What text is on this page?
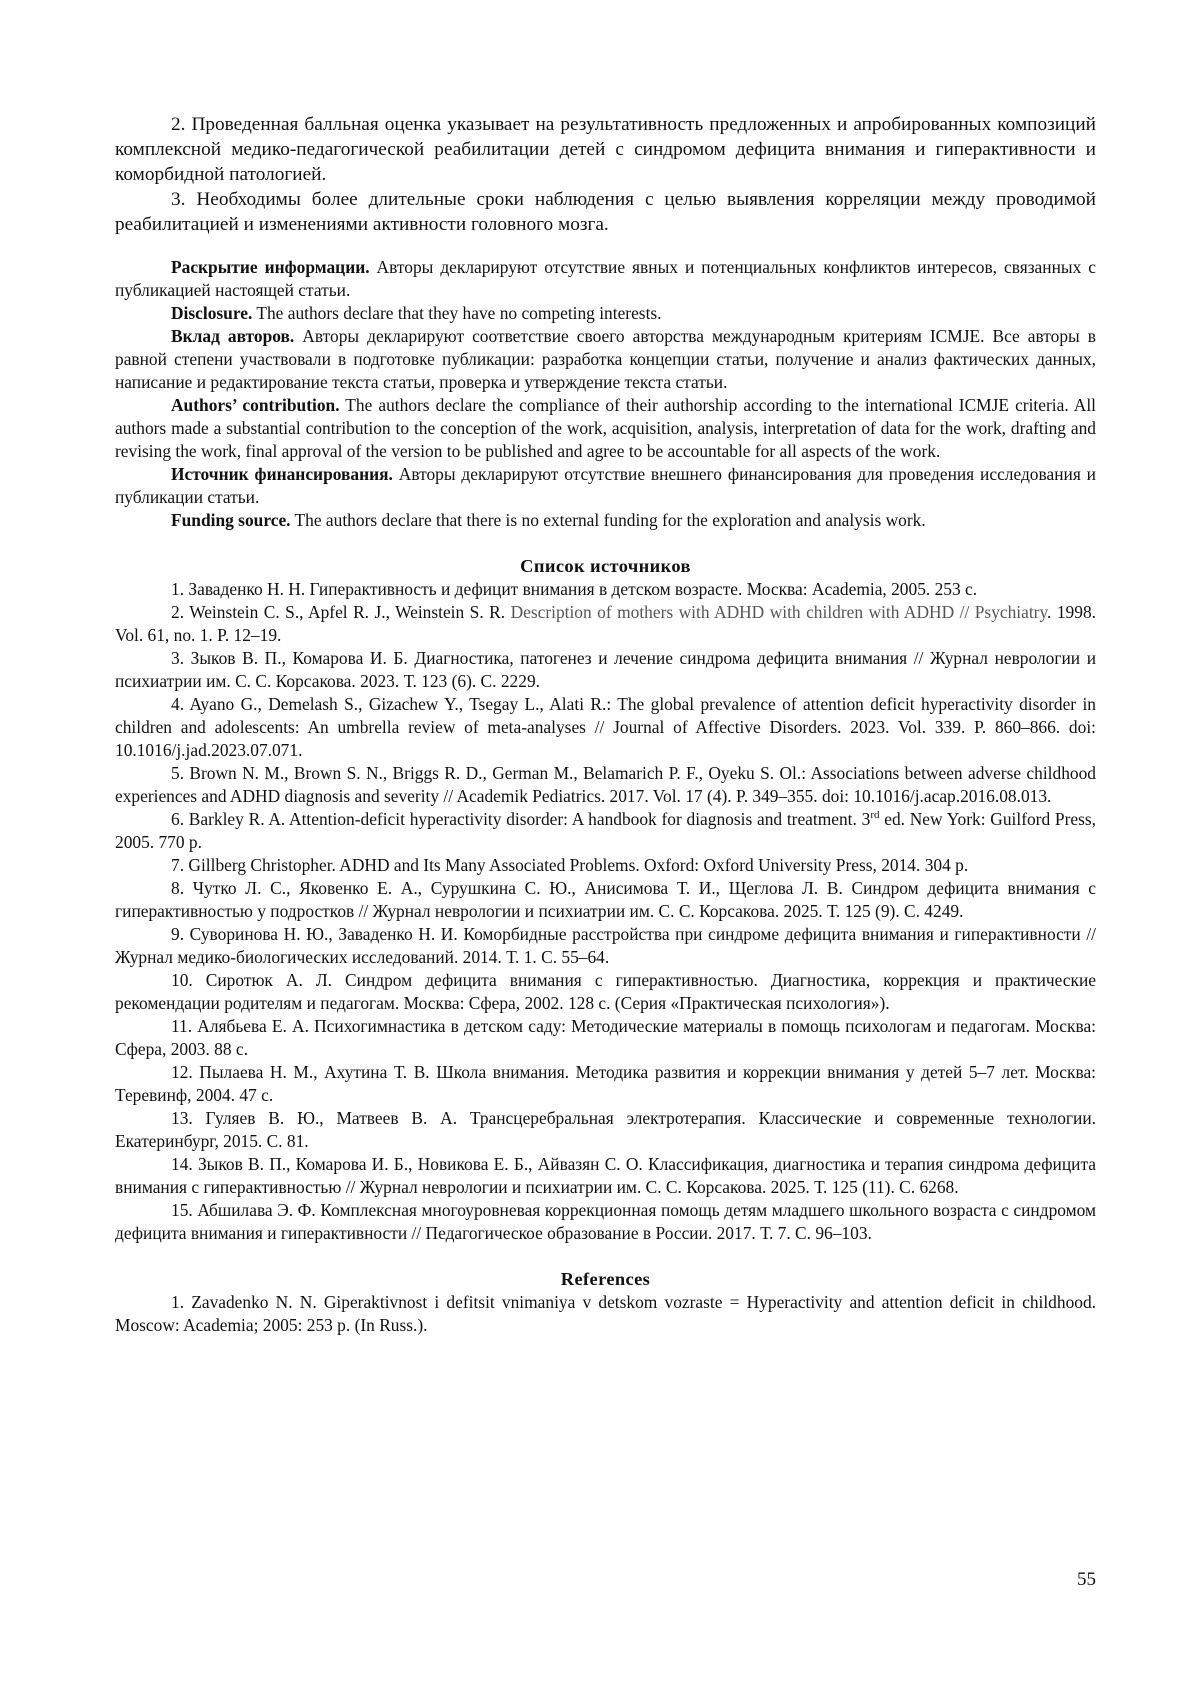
2. Проведенная балльная оценка указывает на результативность предложенных и апробированных композиций комплексной медико-педагогической реабилитации детей с синдромом дефицита внимания и гиперактивности и коморбидной патологией.

3. Необходимы более длительные сроки наблюдения с целью выявления корреляции между проводимой реабилитацией и изменениями активности головного мозга.

Раскрытие информации. Авторы декларируют отсутствие явных и потенциальных конфликтов интересов, связанных с публикацией настоящей статьи.

Disclosure. The authors declare that they have no competing interests.

Вклад авторов. Авторы декларируют соответствие своего авторства международным критериям ICMJE. Все авторы в равной степени участвовали в подготовке публикации: разработка концепции статьи, получение и анализ фактических данных, написание и редактирование текста статьи, проверка и утверждение текста статьи.

Authors’ contribution. The authors declare the compliance of their authorship according to the international ICMJE criteria. All authors made a substantial contribution to the conception of the work, acquisition, analysis, interpretation of data for the work, drafting and revising the work, final approval of the version to be published and agree to be accountable for all aspects of the work.

Источник финансирования. Авторы декларируют отсутствие внешнего финансирования для проведения исследования и публикации статьи.

Funding source. The authors declare that there is no external funding for the exploration and analysis work.

Список источников

1. Заваденко Н. Н. Гиперактивность и дефицит внимания в детском возрасте. Москва: Academia, 2005. 253 с.

2. Weinstein C. S., Apfel R. J., Weinstein S. R. Description of mothers with ADHD with children with ADHD // Psychiatry. 1998. Vol. 61, no. 1. P. 12–19.

3. Зыков В. П., Комарова И. Б. Диагностика, патогенез и лечение синдрома дефицита внимания // Журнал неврологии и психиатрии им. С. С. Корсакова. 2023. Т. 123 (6). С. 2229.

4. Ayano G., Demelash S., Gizachew Y., Tsegay L., Alati R.: The global prevalence of attention deficit hyperactivity disorder in children and adolescents: An umbrella review of meta-analyses // Journal of Affective Disorders. 2023. Vol. 339. P. 860–866. doi: 10.1016/j.jad.2023.07.071.

5. Brown N. M., Brown S. N., Briggs R. D., German M., Belamarich P. F., Oyeku S. Ol.: Associations between adverse childhood experiences and ADHD diagnosis and severity // Academik Pediatrics. 2017. Vol. 17 (4). P. 349–355. doi: 10.1016/j.acap.2016.08.013.

6. Barkley R. A. Attention-deficit hyperactivity disorder: A handbook for diagnosis and treatment. 3rd ed. New York: Guilford Press, 2005. 770 p.

7. Gillberg Christopher. ADHD and Its Many Associated Problems. Oxford: Oxford University Press, 2014. 304 p.

8. Чутко Л. С., Яковенко Е. А., Сурушкина С. Ю., Анисимова Т. И., Щеглова Л. В. Синдром дефицита внимания с гиперактивностью у подростков // Журнал неврологии и психиатрии им. С. С. Корсакова. 2025. Т. 125 (9). С. 4249.

9. Суворинова Н. Ю., Заваденко Н. И. Коморбидные расстройства при синдроме дефицита внимания и гиперактивности // Журнал медико-биологических исследований. 2014. Т. 1. С. 55–64.

10. Сиротюк А. Л. Синдром дефицита внимания с гиперактивностью. Диагностика, коррекция и практические рекомендации родителям и педагогам. Москва: Сфера, 2002. 128 с. (Серия «Практическая психология»).

11. Алябьева Е. А. Психогимнастика в детском саду: Методические материалы в помощь психологам и педагогам. Москва: Сфера, 2003. 88 с.

12. Пылаева Н. М., Ахутина Т. В. Школа внимания. Методика развития и коррекции внимания у детей 5–7 лет. Москва: Теревинф, 2004. 47 с.

13. Гуляев В. Ю., Матвеев В. А. Трансцеребральная электротерапия. Классические и современные технологии. Екатеринбург, 2015. С. 81.

14. Зыков В. П., Комарова И. Б., Новикова Е. Б., Айвазян С. О. Классификация, диагностика и терапия синдрома дефицита внимания с гиперактивностью // Журнал неврологии и психиатрии им. С. С. Корсакова. 2025. Т. 125 (11). С. 6268.

15. Абшилава Э. Ф. Комплексная многоуровневая коррекционная помощь детям младшего школьного возраста с синдромом дефицита внимания и гиперактивности // Педагогическое образование в России. 2017. Т. 7. С. 96–103.

References

1. Zavadenko N. N. Giperaktivnost i defitsit vnimaniya v detskom vozraste = Hyperactivity and attention deficit in childhood. Moscow: Academia; 2005: 253 p. (In Russ.).

55
